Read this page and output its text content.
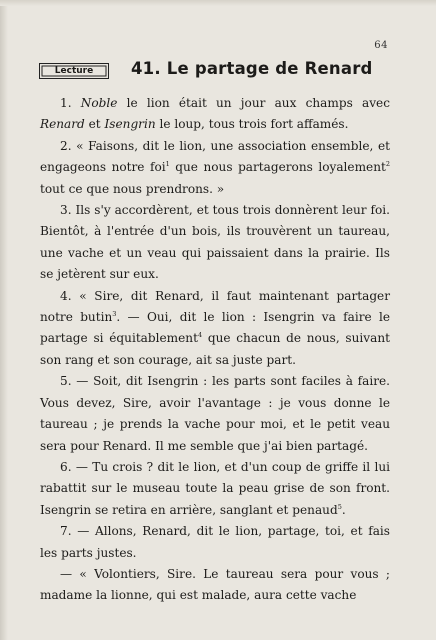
64
Lecture	41. Le partage de Renard

1. Noble le lion était un jour aux champs avec Renard et Isengrin le loup, tous trois fort affamés.

2. « Faisons, dit le lion, une association ensemble, et engageons notre foi$^1$ que nous partagerons loyalement$^2$ tout ce que nous prendrons. »

3. Ils s'y accordèrent, et tous trois donnèrent leur foi. Bientôt, à l'entrée d'un bois, ils trouvèrent un taureau, une vache et un veau qui paissaient dans la prairie. Ils se jetèrent sur eux.

4. « Sire, dit Renard, il faut maintenant partager notre butin$^3$. — Oui, dit le lion : Isengrin va faire le partage si équitablement$^4$ que chacun de nous, suivant son rang et son courage, ait sa juste part.

5. — Soit, dit Isengrin : les parts sont faciles à faire. Vous devez, Sire, avoir l'avantage : je vous donne le taureau ; je prends la vache pour moi, et le petit veau sera pour Renard. Il me semble que j'ai bien partagé.

6. — Tu crois ? dit le lion, et d'un coup de griffe il lui rabattit sur le museau toute la peau grise de son front. Isengrin se retira en arrière, sanglant et penaud$^5$.

7. — Allons, Renard, dit le lion, partage, toi, et fais les parts justes.

— « Volontiers, Sire. Le taureau sera pour vous ; madame la lionne, qui est malade, aura cette vache
